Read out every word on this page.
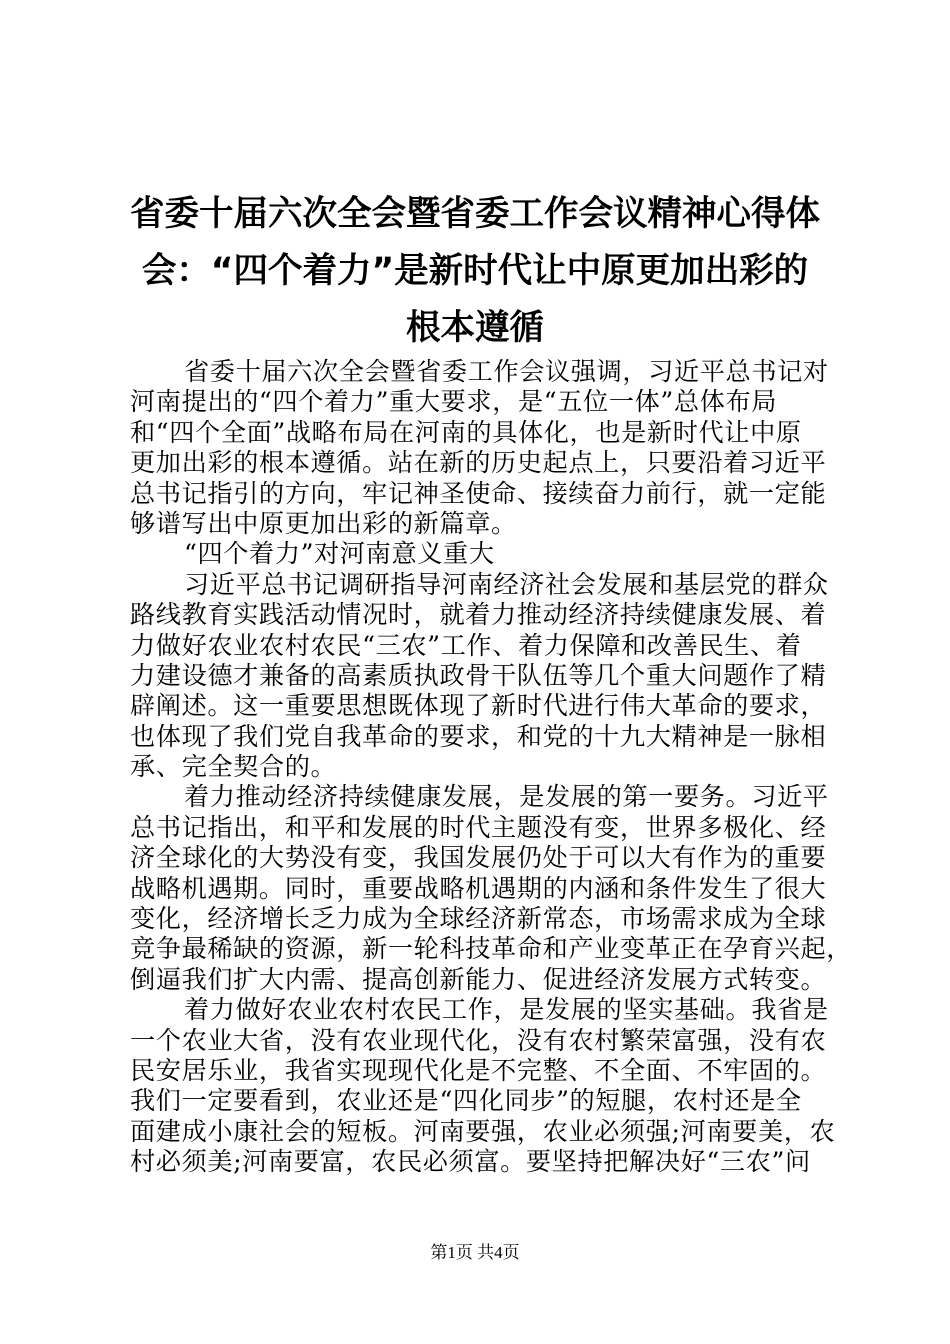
省委十届六次全会暨省委工作会议精神心得体
会：“四个着力”是新时代让中原更加出彩的
根本遵循
省委十届六次全会暨省委工作会议强调，习近平总书记对
河南提出的“四个着力”重大要求，是“五位一体”总体布局
和“四个全面”战略布局在河南的具体化，也是新时代让中原
更加出彩的根本遵循。站在新的历史起点上，只要沿着习近平
总书记指引的方向，牢记神圣使命、接续奋力前行，就一定能
够谱写出中原更加出彩的新篇章。
“四个着力”对河南意义重大
习近平总书记调研指导河南经济社会发展和基层党的群众
路线教育实践活动情况时，就着力推动经济持续健康发展、着
力做好农业农村农民“三农”工作、着力保障和改善民生、着
力建设德才兼备的高素质执政骨干队伍等几个重大问题作了精
辟阐述。这一重要思想既体现了新时代进行伟大革命的要求，
也体现了我们党自我革命的要求，和党的十九大精神是一脉相
承、完全契合的。
着力推动经济持续健康发展，是发展的第一要务。习近平
总书记指出，和平和发展的时代主题没有变，世界多极化、经
济全球化的大势没有变，我国发展仍处于可以大有作为的重要
战略机遇期。同时，重要战略机遇期的内涵和条件发生了很大
变化，经济增长乏力成为全球经济新常态，市场需求成为全球
竞争最稀缺的资源，新一轮科技革命和产业变革正在孕育兴起，
倒逼我们扩大内需、提高创新能力、促进经济发展方式转变。
着力做好农业农村农民工作，是发展的坚实基础。我省是
一个农业大省，没有农业现代化，没有农村繁荣富强，没有农
民安居乐业，我省实现现代化是不完整、不全面、不牢固的。
我们一定要看到，农业还是“四化同步”的短腿，农村还是全
面建成小康社会的短板。河南要强，农业必须强;河南要美，农
村必须美;河南要富，农民必须富。要坚持把解决好“三农”问
第1页 共4页
